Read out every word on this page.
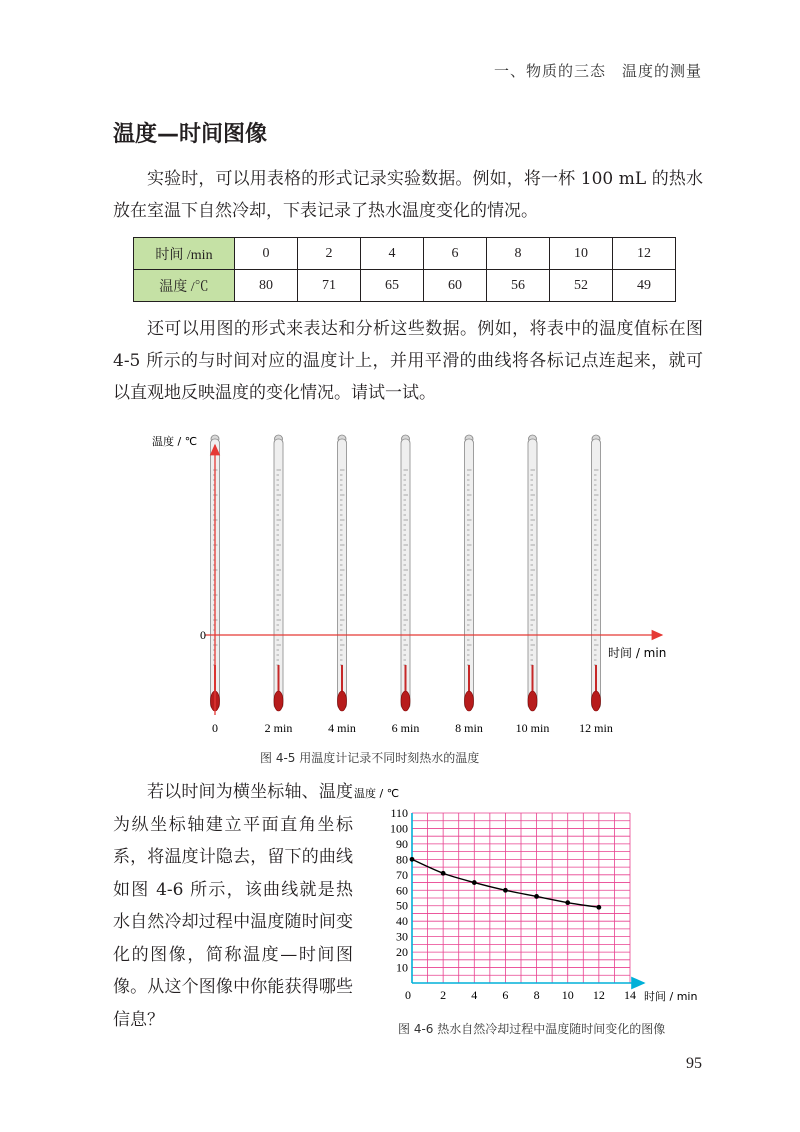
一、物质的三态　温度的测量
温度—时间图像
实验时，可以用表格的形式记录实验数据。例如，将一杯 100 mL 的热水放在室温下自然冷却，下表记录了热水温度变化的情况。
时间 /min	0	2	4	6	8	10	12
温度 /℃	80	71	65	60	56	52	49
还可以用图的形式来表达和分析这些数据。例如，将表中的温度值标在图 4-5 所示的与时间对应的温度计上，并用平滑的曲线将各标记点连起来，就可以直观地反映温度的变化情况。请试一试。
温度 / ℃
0
时间 / min
0	2 min	4 min	6 min	8 min	10 min 12 min
图 4-5 用温度计记录不同时刻热水的温度
若以时间为横坐标轴、温度为纵坐标轴建立平面直角坐标系，将温度计隐去，留下的曲线如图 4-6 所示，该曲线就是热水自然冷却过程中温度随时间变化的图像，简称温度—时间图像。从这个图像中你能获得哪些信息？
10
20
30
40
50
60
70
80
90
100
110
0 2 4 6 8 10 12 14
温度 / ℃
时间 / min
图 4-6 热水自然冷却过程中温度随时间变化的图像
95
